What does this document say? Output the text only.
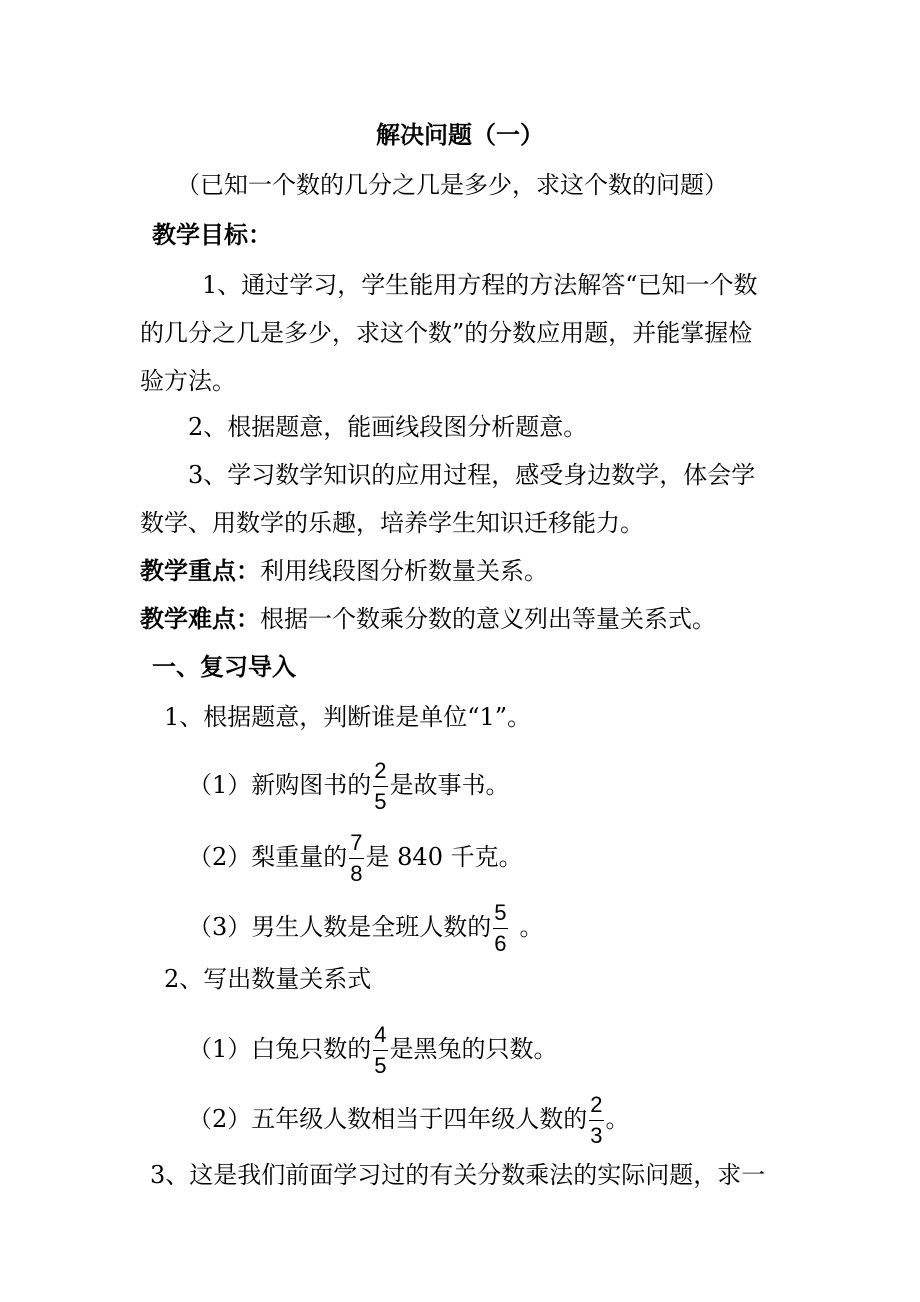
解决问题（一）
（已知一个数的几分之几是多少，求这个数的问题）
教学目标：
1、通过学习，学生能用方程的方法解答“已知一个数
的几分之几是多少，求这个数”的分数应用题，并能掌握检
验方法。
2、根据题意，能画线段图分析题意。
3、学习数学知识的应用过程，感受身边数学，体会学
数学、用数学的乐趣，培养学生知识迁移能力。
教学重点：利用线段图分析数量关系。
教学难点：根据一个数乘分数的意义列出等量关系式。
一、复习导入
1、根据题意，判断谁是单位“1”。
（1）新购图书的 $\frac{2}{5}$ 是故事书。
（2）梨重量的 $\frac{7}{8}$ 是 840 千克。
（3）男生人数是全班人数的 $\frac{5}{6}$ 。
2、写出数量关系式
（1）白兔只数的 $\frac{4}{5}$ 是黑兔的只数。
（2）五年级人数相当于四年级人数的 $\frac{2}{3}$ 。
3、这是我们前面学习过的有关分数乘法的实际问题，求一
